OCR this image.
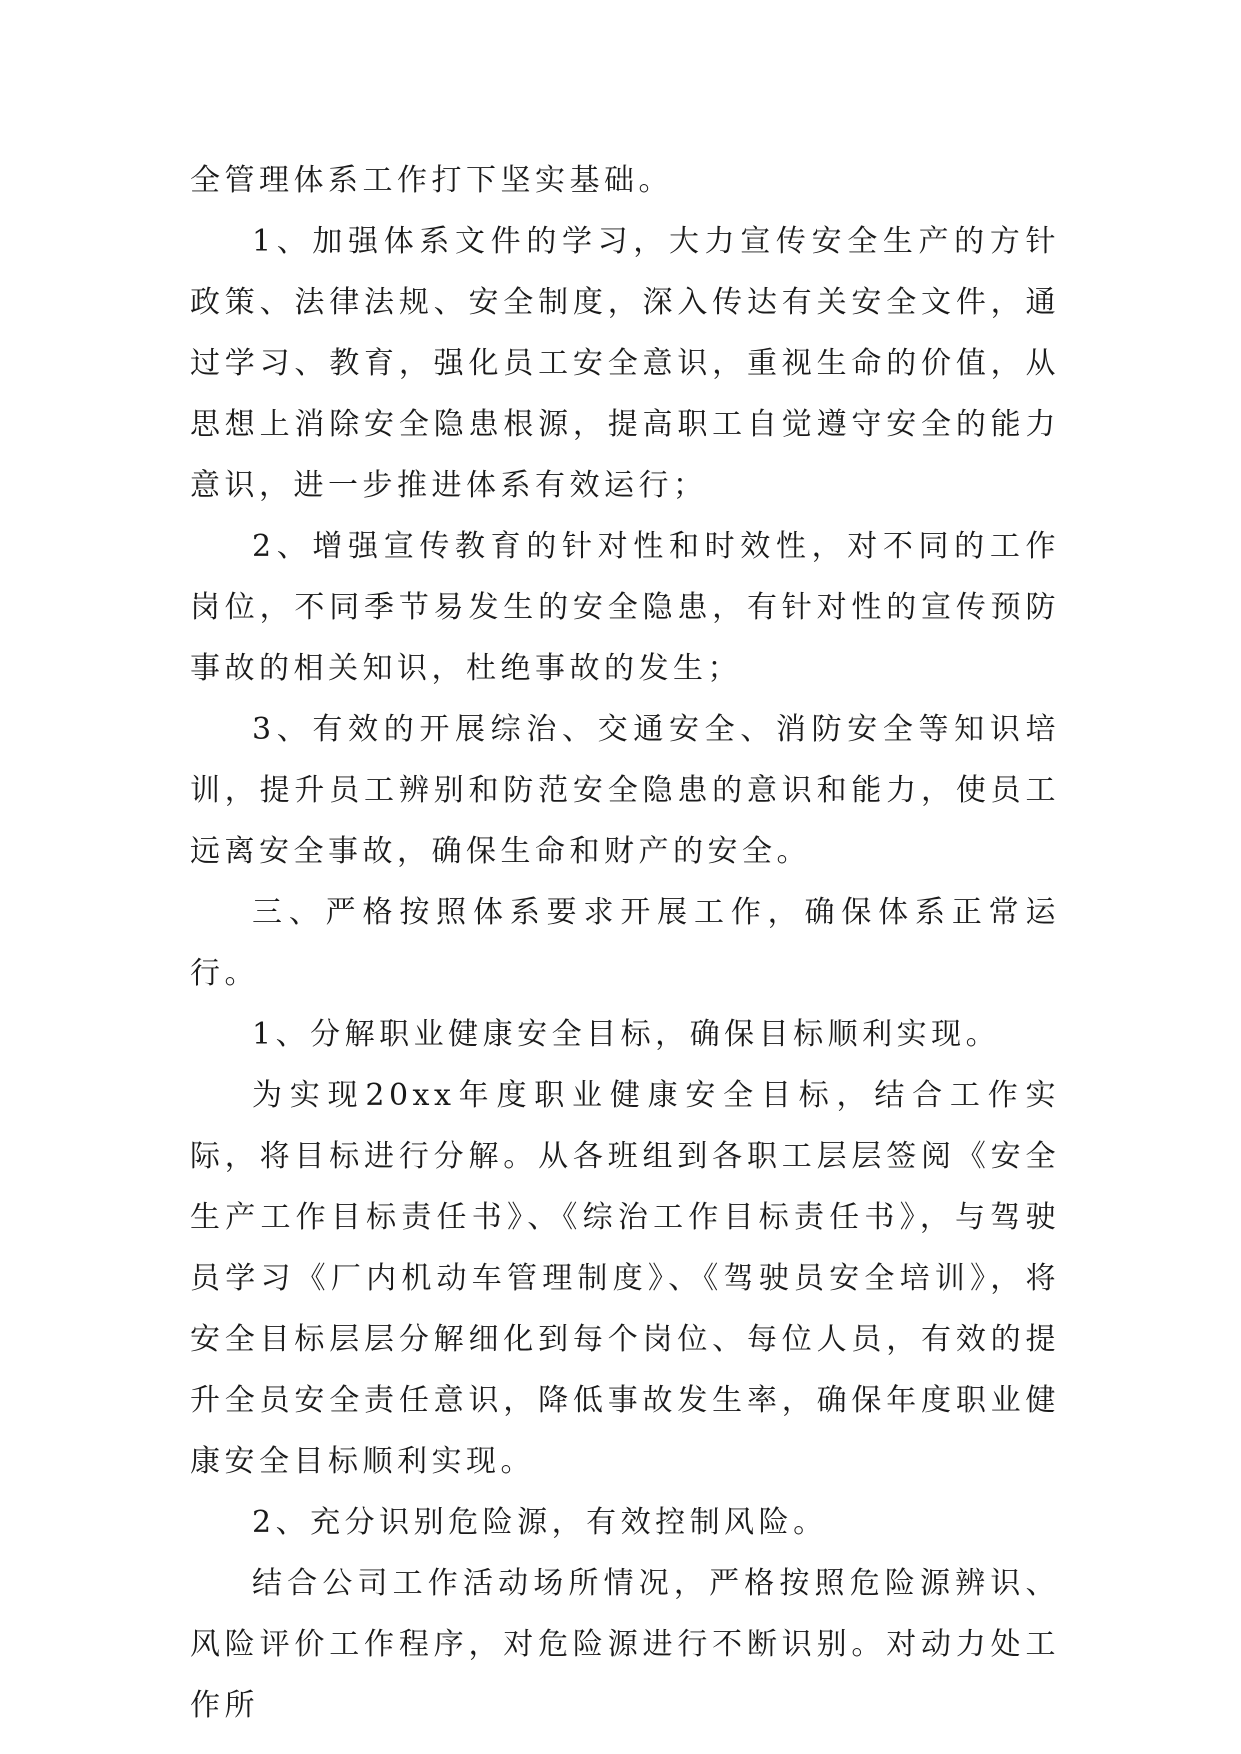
全管理体系工作打下坚实基础。

1、加强体系文件的学习，大力宣传安全生产的方针政策、法律法规、安全制度，深入传达有关安全文件，通过学习、教育，强化员工安全意识，重视生命的价值，从思想上消除安全隐患根源，提高职工自觉遵守安全的能力意识，进一步推进体系有效运行；

2、增强宣传教育的针对性和时效性，对不同的工作岗位，不同季节易发生的安全隐患，有针对性的宣传预防事故的相关知识，杜绝事故的发生；

3、有效的开展综治、交通安全、消防安全等知识培训，提升员工辨别和防范安全隐患的意识和能力，使员工远离安全事故，确保生命和财产的安全。

三、严格按照体系要求开展工作，确保体系正常运行。

1、分解职业健康安全目标，确保目标顺利实现。

为实现20xx年度职业健康安全目标，结合工作实际，将目标进行分解。从各班组到各职工层层签阅《安全生产工作目标责任书》、《综治工作目标责任书》，与驾驶员学习《厂内机动车管理制度》、《驾驶员安全培训》，将安全目标层层分解细化到每个岗位、每位人员，有效的提升全员安全责任意识，降低事故发生率，确保年度职业健康安全目标顺利实现。

2、充分识别危险源，有效控制风险。

结合公司工作活动场所情况，严格按照危险源辨识、风险评价工作程序，对危险源进行不断识别。对动力处工作所
